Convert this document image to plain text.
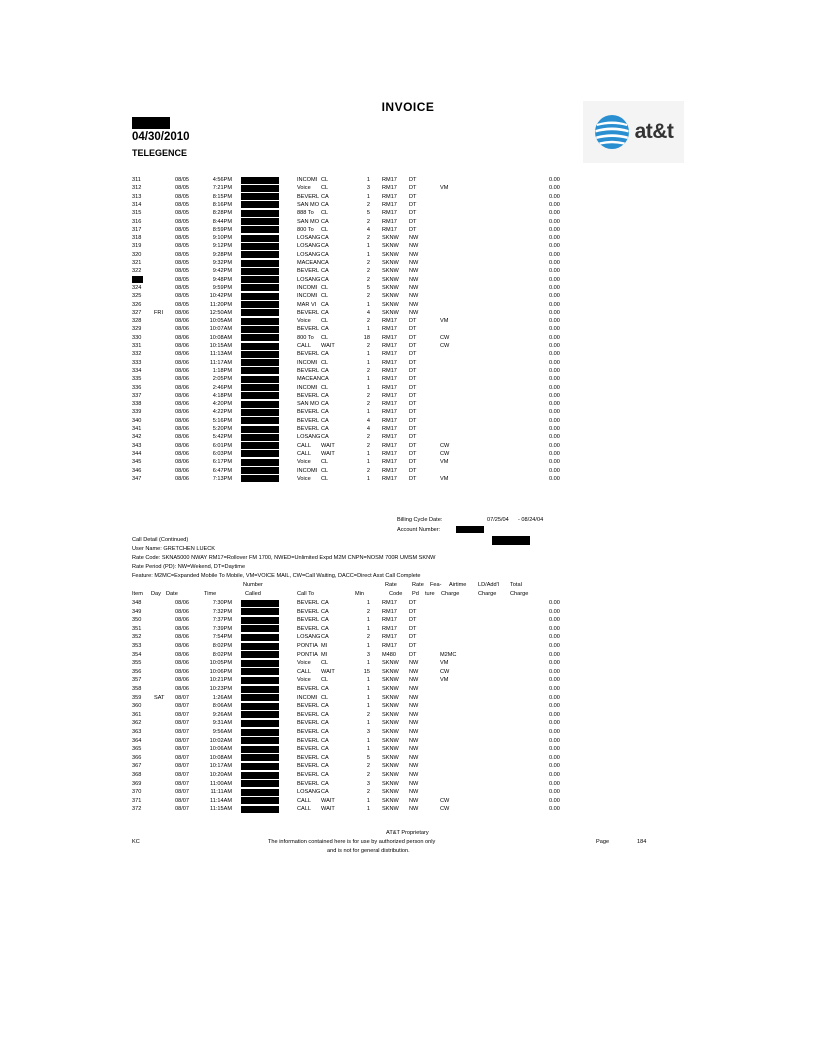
INVOICE
04/30/2010
TELEGENCE
at&t
311	08/05	4:56PM	INCOMI CL	1 RM17 DT	0.00
312	08/05	7:21PM	Voice CL	3 RM17 DT	VM	0.00
313	08/05	8:15PM	BEVERL CA	1 RM17 DT	0.00
314	08/05	8:16PM	SAN MO CA	2 RM17 DT	0.00
315	08/05	8:28PM	888 To CL	5 RM17 DT	0.00
316	08/05	8:44PM	SAN MO CA	2 RM17 DT	0.00
317	08/05	8:59PM	800 To CL	4 RM17 DT	0.00
318	08/05	9:10PM	LOSANG CA	2 SKNW NW	0.00
319	08/05	9:12PM	LOSANG CA	1 SKNW NW	0.00
320	08/05	9:28PM	LOSANG CA	1 SKNW NW	0.00
321	08/05	9:32PM	MACEAN CA	2 SKNW NW	0.00
322	08/05	9:42PM	BEVERL CA	2 SKNW NW	0.00
08/05	9:48PM	LOSANG CA	2 SKNW NW	0.00
324	08/05	9:59PM	INCOMI CL	5 SKNW NW	0.00
325	08/05	10:42PM	INCOMI CL	2 SKNW NW	0.00
326	08/05	11:20PM	MAR VI CA	1 SKNW NW	0.00
327 FRI 08/06	12:50AM	BEVERL CA	4 SKNW NW	0.00
328	08/06	10:05AM	Voice CL	2 RM17 DT	VM	0.00
329	08/06	10:07AM	BEVERL CA	1 RM17 DT	0.00
330	08/06	10:08AM	800 To CL	18 RM17 DT	CW	0.00
331	08/06	10:15AM	CALL WAIT	2 RM17 DT	CW	0.00
332	08/06	11:13AM	BEVERL CA	1 RM17 DT	0.00
333	08/06	11:17AM	INCOMI CL	1 RM17 DT	0.00
334	08/06	1:18PM	BEVERL CA	2 RM17 DT	0.00
335	08/06	2:05PM	MACEAN CA	1 RM17 DT	0.00
336	08/06	2:46PM	INCOMI CL	1 RM17 DT	0.00
337	08/06	4:18PM	BEVERL CA	2 RM17 DT	0.00
338	08/06	4:20PM	SAN MO CA	2 RM17 DT	0.00
339	08/06	4:22PM	BEVERL CA	1 RM17 DT	0.00
340	08/06	5:16PM	BEVERL CA	4 RM17 DT	0.00
341	08/06	5:20PM	BEVERL CA	4 RM17 DT	0.00
342	08/06	5:42PM	LOSANG CA	2 RM17 DT	0.00
343	08/06	6:01PM	CALL WAIT	2 RM17 DT	CW	0.00
344	08/06	6:03PM	CALL WAIT	1 RM17 DT	CW	0.00
345	08/06	6:17PM	Voice CL	1 RM17 DT	VM	0.00
346	08/06	6:47PM	INCOMI CL	2 RM17 DT	0.00
347	08/06	7:13PM	Voice CL	1 RM17 DT	VM	0.00
Billing Cycle Date:	07/25/04 - 08/24/04
Account Number:
Call Detail (Continued)
User Name: GRETCHEN LUECK
Rate Code: SKNA5000 NWAY RM17=Rollover FM 1700, NWED=Unlimited Expd M2M CNPN=NOSM 700R UMSM SKNW
Rate Period (PD): NW=Wekend, DT=Daytime
Feature: M2MC=Expanded Mobile To Mobile, VM=VOICE MAIL, CW=Call Waiting, DACC=Direct Asst Call Complete
Number	Rate	Rate Fea- Airtime LD/Add'l Total
Item Day Date	Time	Called	Call To	Min	Code Pd ture Charge	Charge Charge
348	08/06	7:30PM	BEVERL CA	1 RM17 DT	0.00
349	08/06	7:32PM	BEVERL CA	2 RM17 DT	0.00
350	08/06	7:37PM	BEVERL CA	1 RM17 DT	0.00
351	08/06	7:39PM	BEVERL CA	1 RM17 DT	0.00
352	08/06	7:54PM	LOSANG CA	2 RM17 DT	0.00
353	08/06	8:02PM	PONTIA MI	1 RM17 DT	0.00
354	08/06	8:02PM	PONTIA MI	3 M480 DT	M2MC	0.00
355	08/06	10:05PM	Voice CL	1 SKNW NW	VM	0.00
356	08/06	10:06PM	CALL WAIT	15 SKNW NW	CW	0.00
357	08/06	10:21PM	Voice CL	1 SKNW NW	VM	0.00
358	08/06	10:23PM	BEVERL CA	1 SKNW NW	0.00
359 SAT 08/07	1:26AM	INCOMI CL	1 SKNW NW	0.00
360	08/07	8:06AM	BEVERL CA	1 SKNW NW	0.00
361	08/07	9:26AM	BEVERL CA	2 SKNW NW	0.00
362	08/07	9:31AM	BEVERL CA	1 SKNW NW	0.00
363	08/07	9:56AM	BEVERL CA	3 SKNW NW	0.00
364	08/07	10:02AM	BEVERL CA	1 SKNW NW	0.00
365	08/07	10:06AM	BEVERL CA	1 SKNW NW	0.00
366	08/07	10:08AM	BEVERL CA	5 SKNW NW	0.00
367	08/07	10:17AM	BEVERL CA	2 SKNW NW	0.00
368	08/07	10:20AM	BEVERL CA	2 SKNW NW	0.00
369	08/07	11:00AM	BEVERL CA	3 SKNW NW	0.00
370	08/07	11:11AM	LOSANG CA	2 SKNW NW	0.00
371	08/07	11:14AM	CALL WAIT	1 SKNW NW	CW	0.00
372	08/07	11:15AM	CALL WAIT	1 SKNW NW	CW	0.00
AT&T Proprietary
KC	The information contained here is for use by authorized person only
and is not for general distribution.
Page	184
